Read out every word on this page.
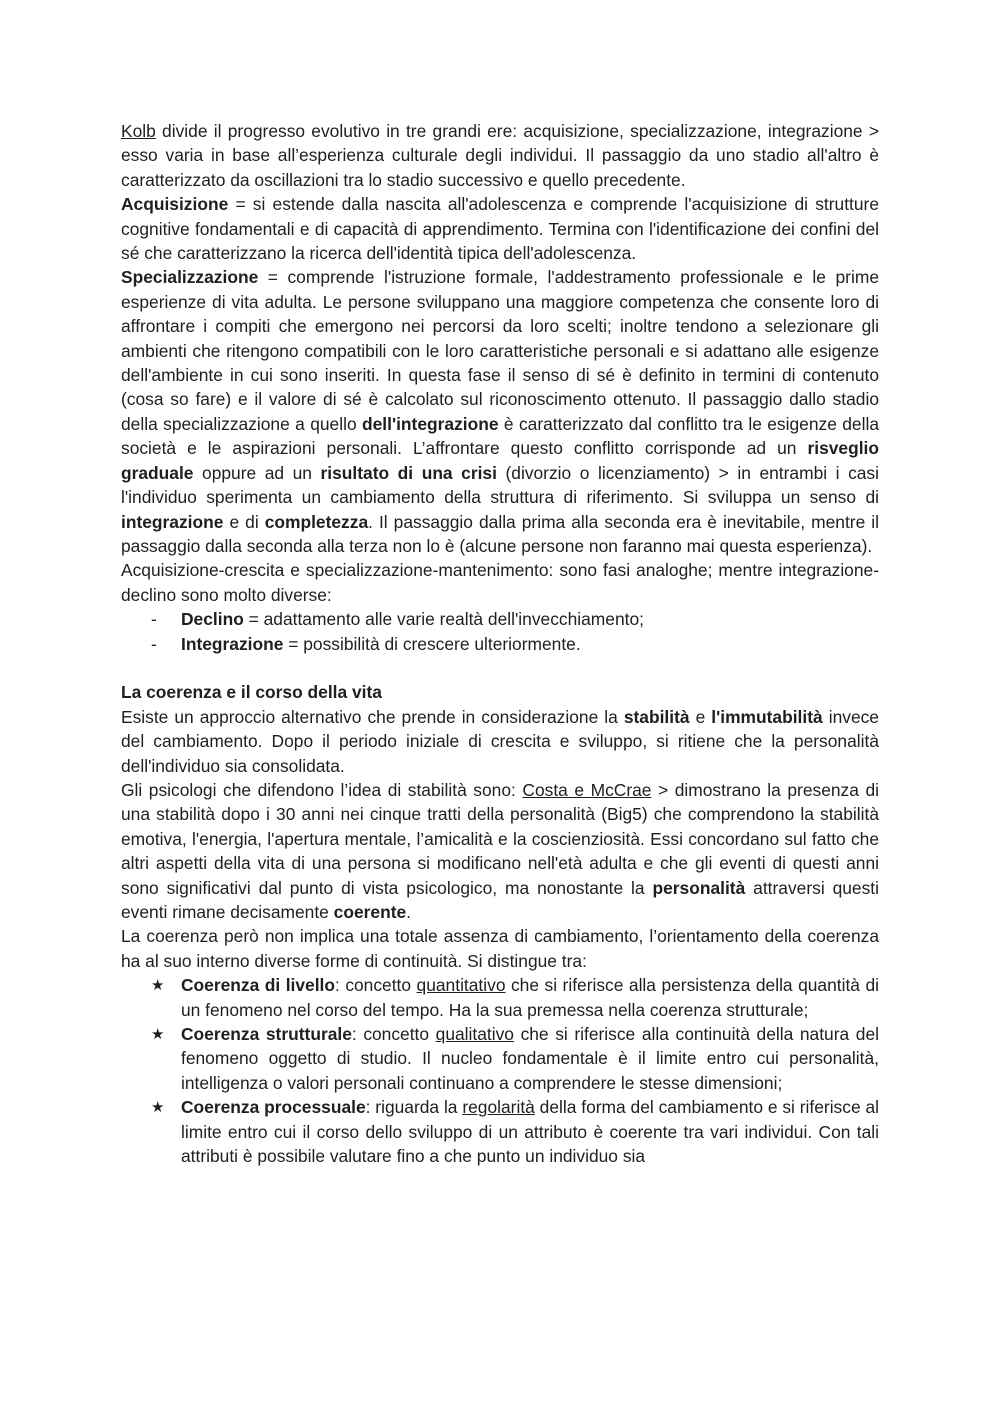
Kolb divide il progresso evolutivo in tre grandi ere: acquisizione, specializzazione, integrazione > esso varia in base all’esperienza culturale degli individui. Il passaggio da uno stadio all'altro è caratterizzato da oscillazioni tra lo stadio successivo e quello precedente.

Acquisizione = si estende dalla nascita all'adolescenza e comprende l'acquisizione di strutture cognitive fondamentali e di capacità di apprendimento. Termina con l'identificazione dei confini del sé che caratterizzano la ricerca dell'identità tipica dell'adolescenza.

Specializzazione = comprende l'istruzione formale, l'addestramento professionale e le prime esperienze di vita adulta. Le persone sviluppano una maggiore competenza che consente loro di affrontare i compiti che emergono nei percorsi da loro scelti; inoltre tendono a selezionare gli ambienti che ritengono compatibili con le loro caratteristiche personali e si adattano alle esigenze dell'ambiente in cui sono inseriti. In questa fase il senso di sé è definito in termini di contenuto (cosa so fare) e il valore di sé è calcolato sul riconoscimento ottenuto. Il passaggio dallo stadio della specializzazione a quello dell'integrazione è caratterizzato dal conflitto tra le esigenze della società e le aspirazioni personali. L’affrontare questo conflitto corrisponde ad un risveglio graduale oppure ad un risultato di una crisi (divorzio o licenziamento) > in entrambi i casi l'individuo sperimenta un cambiamento della struttura di riferimento. Si sviluppa un senso di integrazione e di completezza. Il passaggio dalla prima alla seconda era è inevitabile, mentre il passaggio dalla seconda alla terza non lo è (alcune persone non faranno mai questa esperienza).

Acquisizione-crescita e specializzazione-mantenimento: sono fasi analoghe; mentre integrazione-declino sono molto diverse:

-	Declino = adattamento alle varie realtà dell'invecchiamento;
-	Integrazione = possibilità di crescere ulteriormente.

La coerenza e il corso della vita

Esiste un approccio alternativo che prende in considerazione la stabilità e l'immutabilità invece del cambiamento. Dopo il periodo iniziale di crescita e sviluppo, si ritiene che la personalità dell'individuo sia consolidata.

Gli psicologi che difendono l’idea di stabilità sono: Costa e McCrae > dimostrano la presenza di una stabilità dopo i 30 anni nei cinque tratti della personalità (Big5) che comprendono la stabilità emotiva, l'energia, l'apertura mentale, l’amicalità e la coscienziosità. Essi concordano sul fatto che altri aspetti della vita di una persona si modificano nell'età adulta e che gli eventi di questi anni sono significativi dal punto di vista psicologico, ma nonostante la personalità attraversi questi eventi rimane decisamente coerente.

La coerenza però non implica una totale assenza di cambiamento, l’orientamento della coerenza ha al suo interno diverse forme di continuità. Si distingue tra:

★ Coerenza di livello: concetto quantitativo che si riferisce alla persistenza della quantità di un fenomeno nel corso del tempo. Ha la sua premessa nella coerenza strutturale;
★ Coerenza strutturale: concetto qualitativo che si riferisce alla continuità della natura del fenomeno oggetto di studio. Il nucleo fondamentale è il limite entro cui personalità, intelligenza o valori personali continuano a comprendere le stesse dimensioni;
★ Coerenza processuale: riguarda la regolarità della forma del cambiamento e si riferisce al limite entro cui il corso dello sviluppo di un attributo è coerente tra vari individui. Con tali attributi è possibile valutare fino a che punto un individuo sia
